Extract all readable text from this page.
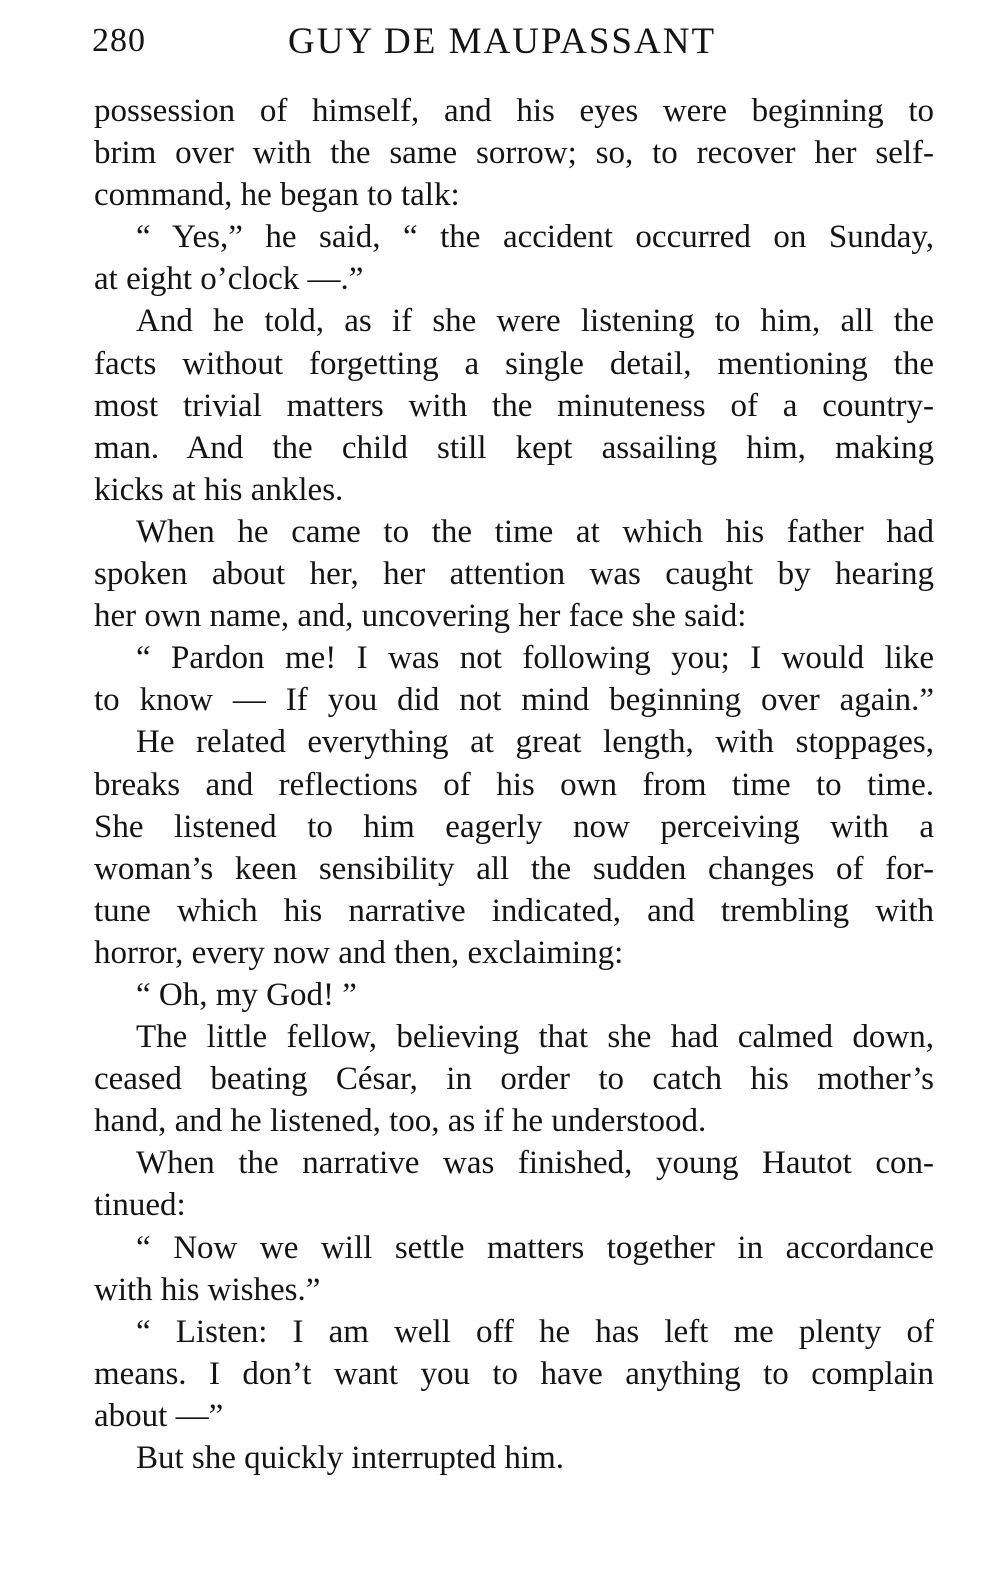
280	GUY DE MAUPASSANT
possession of himself, and his eyes were beginning to
brim over with the same sorrow; so, to recover her self-
command, he began to talk:
“ Yes,” he said, “ the accident occurred on Sunday,
at eight o’clock —.”
And he told, as if she were listening to him, all the
facts without forgetting a single detail, mentioning the
most trivial matters with the minuteness of a country-
man. And the child still kept assailing him, making
kicks at his ankles.
When he came to the time at which his father had
spoken about her, her attention was caught by hearing
her own name, and, uncovering her face she said:
“ Pardon me! I was not following you; I would like
to know — If you did not mind beginning over again.”
He related everything at great length, with stoppages,
breaks and reflections of his own from time to time.
She listened to him eagerly now perceiving with a
woman’s keen sensibility all the sudden changes of for-
tune which his narrative indicated, and trembling with
horror, every now and then, exclaiming:
“ Oh, my God! ”
The little fellow, believing that she had calmed down,
ceased beating César, in order to catch his mother’s
hand, and he listened, too, as if he understood.
When the narrative was finished, young Hautot con-
tinued:
“ Now we will settle matters together in accordance
with his wishes.”
“ Listen: I am well off he has left me plenty of
means. I don’t want you to have anything to complain
about —”
But she quickly interrupted him.
